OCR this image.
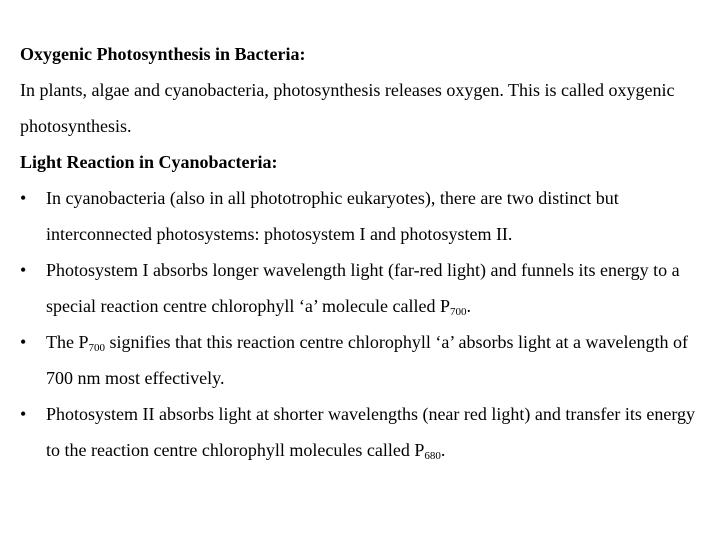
Oxygenic Photosynthesis in Bacteria:

In plants, algae and cyanobacteria, photosynthesis releases oxygen. This is called oxygenic photosynthesis.

Light Reaction in Cyanobacteria:

•	In cyanobacteria (also in all phototrophic eukaryotes), there are two distinct but interconnected photosystems: photosystem I and photosystem II.
•	Photosystem I absorbs longer wavelength light (far-red light) and funnels its energy to a special reaction centre chlorophyll ‘a’ molecule called $P_{700}$.
•	The $P_{700}$ signifies that this reaction centre chlorophyll ‘a’ absorbs light at a wavelength of 700 nm most effectively.
•	Photosystem II absorbs light at shorter wavelengths (near red light) and transfer its energy to the reaction centre chlorophyll molecules called $P_{680}$.
